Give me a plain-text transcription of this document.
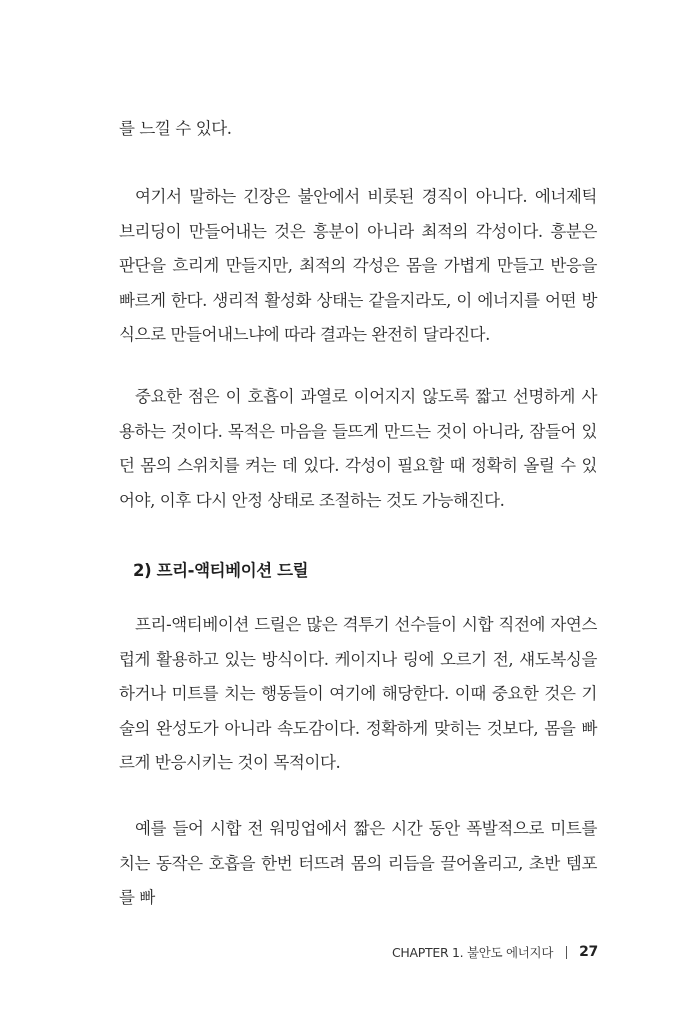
를 느낄 수 있다.

여기서 말하는 긴장은 불안에서 비롯된 경직이 아니다. 에너제틱 브리딩이 만들어내는 것은 흥분이 아니라 최적의 각성이다. 흥분은 판단을 흐리게 만들지만, 최적의 각성은 몸을 가볍게 만들고 반응을 빠르게 한다. 생리적 활성화 상태는 같을지라도, 이 에너지를 어떤 방식으로 만들어내느냐에 따라 결과는 완전히 달라진다.

중요한 점은 이 호흡이 과열로 이어지지 않도록 짧고 선명하게 사용하는 것이다. 목적은 마음을 들뜨게 만드는 것이 아니라, 잠들어 있던 몸의 스위치를 켜는 데 있다. 각성이 필요할 때 정확히 올릴 수 있어야, 이후 다시 안정 상태로 조절하는 것도 가능해진다.

2) 프리-액티베이션 드릴

프리-액티베이션 드릴은 많은 격투기 선수들이 시합 직전에 자연스럽게 활용하고 있는 방식이다. 케이지나 링에 오르기 전, 섀도복싱을 하거나 미트를 치는 행동들이 여기에 해당한다. 이때 중요한 것은 기술의 완성도가 아니라 속도감이다. 정확하게 맞히는 것보다, 몸을 빠르게 반응시키는 것이 목적이다.

예를 들어 시합 전 워밍업에서 짧은 시간 동안 폭발적으로 미트를 치는 동작은 호흡을 한번 터뜨려 몸의 리듬을 끌어올리고, 초반 템포를 빠

CHAPTER 1. 불안도 에너지다 27
